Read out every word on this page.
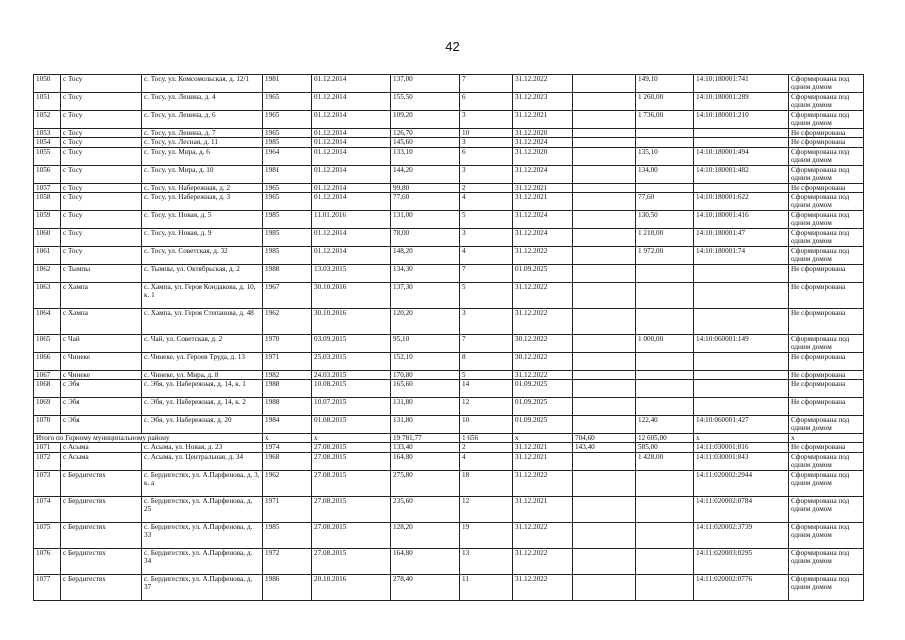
42
1050	с Тосу	с. Тосу, ул. Комсомольская, д. 12/1	1981	01.12.2014	137,00	7	31.12.2022		149,10	14:10:180001:741	Сформирована под одним домом
1051	с Тосу	с. Тосу, ул. Ленина, д. 4	1965	01.12.2014	155,50	6	31.12.2023		1 260,00	14:10:180001:289	Сформирована под одним домом
1052	с Тосу	с. Тосу, ул. Ленина, д. 6	1965	01.12.2014	109,20	3	31.12.2021		1 736,00	14:10:180001:210	Сформирована под одним домом
1053	с Тосу	с. Тосу, ул. Ленина, д. 7	1965	01.12.2014	126,70	10	31.12.2020				Не сформирована
1054	с Тосу	с. Тосу, ул. Лесная, д. 11	1985	01.12.2014	145,60	3	31.12.2024				Не сформирована
1055	с Тосу	с. Тосу, ул. Мира, д. 6	1964	01.12.2014	133,10	6	31.12.2020		135,10	14:10:180001:494	Сформирована под одним домом
1056	с Тосу	с. Тосу, ул. Мира, д. 10	1981	01.12.2014	144,20	3	31.12.2024		134,00	14:10:180001:482	Сформирована под одним домом
1057	с Тосу	с. Тосу, ул. Набережная, д. 2	1965	01.12.2014	99,80	2	31.12.2021				Не сформирована
1058	с Тосу	с. Тосу, ул. Набережная, д. 3	1965	01.12.2014	77,60	4	31.12.2021		77,60	14:10:180001:622	Сформирована под одним домом
1059	с Тосу	с. Тосу, ул. Новая, д. 5	1985	11.01.2016	131,00	5	31.12.2024		130,50	14:10:180001:416	Сформирована под одним домом
1060	с Тосу	с. Тосу, ул. Новая, д. 9	1985	01.12.2014	78,00	3	31.12.2024		1 210,00	14:10:180001:47	Сформирована под одним домом
1061	с Тосу	с. Тосу, ул. Советская, д. 32	1985	01.12.2014	148,20	4	31.12.2022		1 972,00	14:10:180001:74	Сформирована под одним домом
1062	с Тымпы	с. Тымпы, ул. Октябрьская, д. 2	1988	13.03.2015	134,30	7	01.09.2025				Не сформирована
1063	с Хампа	с. Хампа, ул. Героя Кондакова, д. 10, к. 1	1967	30.10.2016	137,30	5	31.12.2022				Не сформирована
1064	с Хампа	с. Хампа, ул. Героя Степанова, д. 48	1962	30.10.2016	120,20	3	31.12.2022				Не сформирована
1065	с Чай	с. Чай, ул. Советская, д. 2	1970	03.09.2015	95,10	7	30.12.2022		1 000,00	14:10:060001:149	Сформирована под одним домом
1066	с Чинеке	с. Чинеке, ул. Героев Труда, д. 13	1971	25.03.2015	152,10	8	30.12.2022				Не сформирована
1067	с Чинеке	с. Чинеке, ул. Мира, д. 8	1982	24.03.2015	170,80	5	31.12.2022				Не сформирована
1068	с Эбя	с. Эбя, ул. Набережная, д. 14, к. 1	1988	10.08.2015	165,60	14	01.09.2025				Не сформирована
1069	с Эбя	с. Эбя, ул. Набережная, д. 14, к. 2	1988	10.07.2015	131,80	12	01.09.2025				Не сформирована
1070	с Эбя	с. Эбя, ул. Набережная, д. 20	1984	01.08.2015	131,80	10	01.09.2025		122,40	14:10:060001:427	Сформирована под одним домом
Итого по Горному муниципальному району			х	х	19 781,77	1 656	х	704,60	12 605,00	х	х
1071	с Асыма	с. Асыма, ул. Новая, д. 23	1974	27.08.2015	133,40	2	31.12.2021	143,40	585,00	14:11:030001:816	Не сформирована
1072	с Асыма	с. Асыма, ул. Центральная, д. 34	1968	27.08.2015	164,80	4	31.12.2021		1 428,00	14:11:030001:843	Сформирована под одним домом
1073	с Бердигестях	с. Бердигестях, ул. А.Парфенова, д. 3, к. а	1962	27.08.2015	275,80	18	31.12.2022			14:11:020002:2944	Сформирована под одним домом
1074	с Бердигестях	с. Бердигестях, ул. А.Парфенова, д. 25	1971	27.08.2015	235,60	12	31.12.2021			14:11:020002:0784	Сформирована под одним домом
1075	с Бердигестях	с. Бердигестях, ул. А.Парфенова, д. 33	1985	27.08.2015	128,20	19	31.12.2022			14:11:020002:3739	Сформирована под одним домом
1076	с Бердигестях	с. Бердигестях, ул. А.Парфенова, д. 34	1972	27.08.2015	164,80	13	31.12.2022			14:11:020003:0295	Сформирована под одним домом
1077	с Бердигестях	с. Бердигестях, ул. А.Парфенова, д. 37	1986	20.10.2016	278,40	11	31.12.2022			14:11:020002:0776	Сформирована под одним домом
